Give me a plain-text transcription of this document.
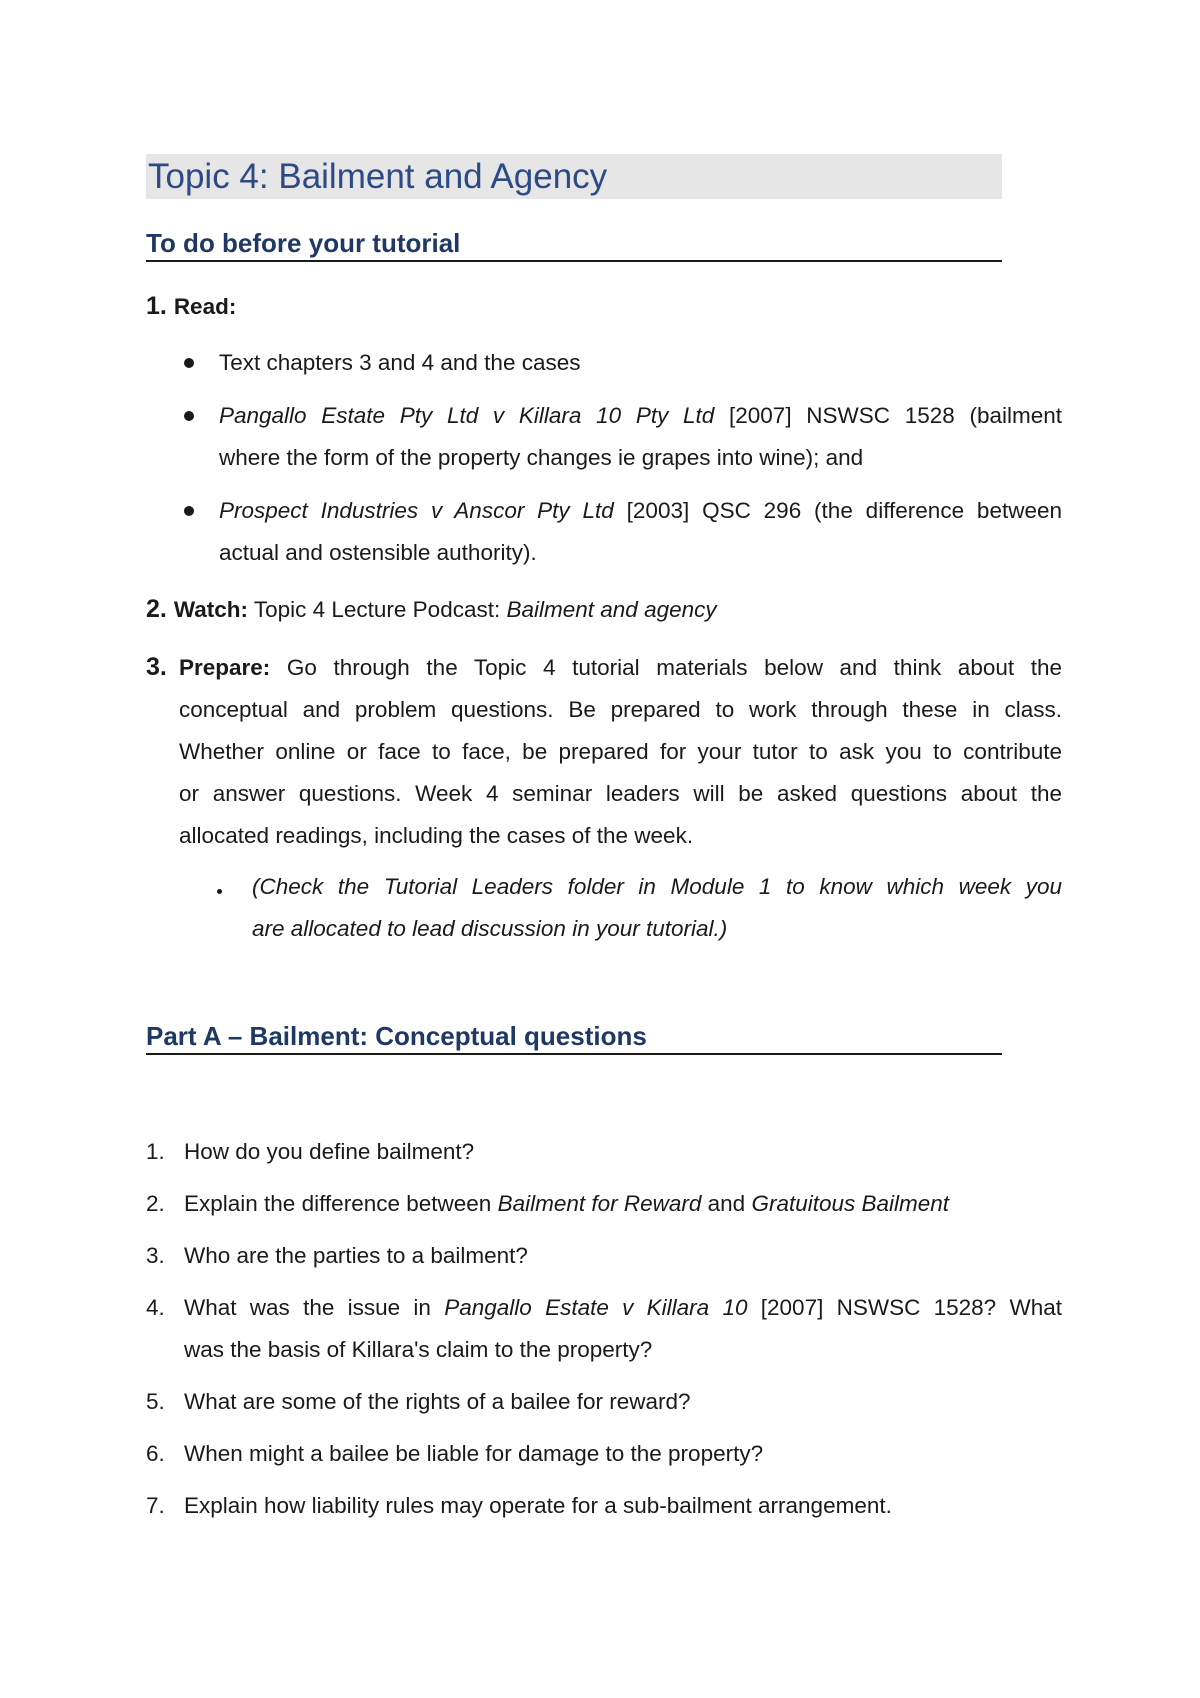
Topic 4: Bailment and Agency
To do before your tutorial
1. Read:
Text chapters 3 and 4 and the cases
Pangallo Estate Pty Ltd v Killara 10 Pty Ltd [2007] NSWSC 1528 (bailment
where the form of the property changes ie grapes into wine); and
Prospect Industries v Anscor Pty Ltd [2003] QSC 296 (the difference between
actual and ostensible authority).
2. Watch: Topic 4 Lecture Podcast: Bailment and agency
3. Prepare: Go through the Topic 4 tutorial materials below and think about the
conceptual and problem questions. Be prepared to work through these in class.
Whether online or face to face, be prepared for your tutor to ask you to contribute
or answer questions. Week 4 seminar leaders will be asked questions about the
allocated readings, including the cases of the week.
(Check the Tutorial Leaders folder in Module 1 to know which week you
are allocated to lead discussion in your tutorial.)
Part A – Bailment: Conceptual questions
1. How do you define bailment?
2. Explain the difference between Bailment for Reward and Gratuitous Bailment
3. Who are the parties to a bailment?
4. What was the issue in Pangallo Estate v Killara 10 [2007] NSWSC 1528? What
was the basis of Killara's claim to the property?
5. What are some of the rights of a bailee for reward?
6. When might a bailee be liable for damage to the property?
7. Explain how liability rules may operate for a sub-bailment arrangement.
